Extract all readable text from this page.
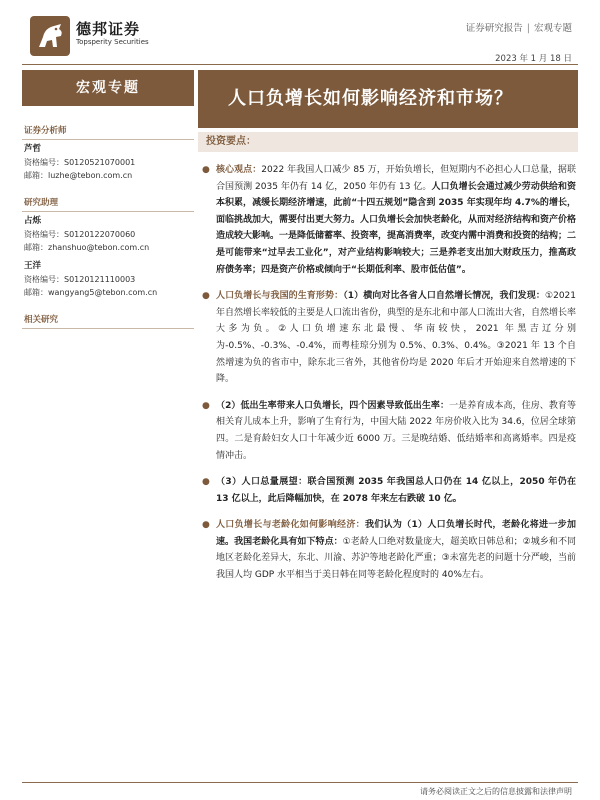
德邦证券
Topsperity Securities
证券研究报告 | 宏观专题
2023 年 1 月 18 日
宏观专题	人口负增长如何影响经济和市场？
证券分析师
芦哲
资格编号：S0120521070001
邮箱：luzhe@tebon.com.cn
研究助理
占烁
资格编号：S0120122070060
邮箱：zhanshuo@tebon.com.cn
王洋
资格编号：S0120121110003
邮箱：wangyang5@tebon.com.cn
相关研究
投资要点：
● 核心观点：2022 年我国人口减少 85 万，开始负增长，但短期内不必担心人口总量，据联合国预测 2035 年仍有 14 亿，2050 年仍有 13 亿。人口负增长会通过减少劳动供给和资本积累，减缓长期经济增速，此前“十四五规划”隐含到 2035 年实现年均 4.7%的增长，面临挑战加大，需要付出更大努力。人口负增长会加快老龄化，从而对经济结构和资产价格造成较大影响。一是降低储蓄率、投资率，提高消费率，改变内需中消费和投资的结构；二是可能带来“过早去工业化”，对产业结构影响较大；三是养老支出加大财政压力，推高政府债务率；四是资产价格或倾向于“长期低利率、股市低估值”。
● 人口负增长与我国的生育形势：（1）横向对比各省人口自然增长情况，我们发现：①2021 年自然增长率较低的主要是人口流出省份，典型的是东北和中部人口流出大省，自然增长率大多为负。②人口负增速东北最慢、华南较快，2021 年黑吉辽分别为-0.5%、-0.3%、-0.4%，而粤桂琼分别为 0.5%、0.3%、0.4%。③2021 年 13 个自然增速为负的省市中，除东北三省外，其他省份均是 2020 年后才开始迎来自然增速的下降。
● （2）低出生率带来人口负增长，四个因素导致低出生率：一是养育成本高，住房、教育等相关育儿成本上升，影响了生育行为，中国大陆 2022 年房价收入比为 34.6，位居全球第四。二是育龄妇女人口十年减少近 6000 万。三是晚结婚、低结婚率和高离婚率。四是疫情冲击。
● （3）人口总量展望：联合国预测 2035 年我国总人口仍在 14 亿以上，2050 年仍在 13 亿以上，此后降幅加快，在 2078 年来左右跌破 10 亿。
● 人口负增长与老龄化如何影响经济：我们认为（1）人口负增长时代，老龄化将进一步加速。我国老龄化具有如下特点：①老龄人口绝对数量庞大，超美欧日韩总和；②城乡和不同地区老龄化差异大，东北、川渝、苏沪等地老龄化严重；③未富先老的问题十分严峻，当前我国人均 GDP 水平相当于美日韩在同等老龄化程度时的 40%左右。
请务必阅读正文之后的信息披露和法律声明
